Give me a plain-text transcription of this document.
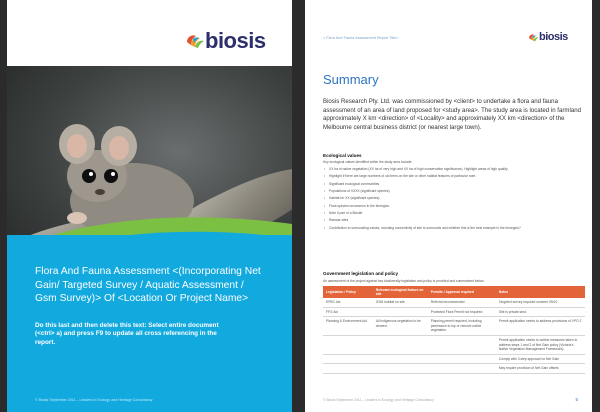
biosis
Flora And Fauna Assessment <(Incorporating Net Gain/ Targeted Survey / Aquatic Assessment / Gsm Survey)> Of <Location Or Project Name>
Do this last and then delete this text: Select entire document (<ctrl> a) and press F9 to update all cross referencing in the report.
© Biosis September 2011 – Leaders in Ecology and Heritage Consultancy
< Flora And Fauna Assessment Report Title>	biosis
Summary
Biosis Research Pty. Ltd. was commissioned by <client> to undertake a flora and fauna assessment of an area of land proposed for <study area>. The study area is located in farmland approximately X km <direction> of <Locality> and approximately XX km <direction> of the Melbourne central business district (or nearest large town).
Ecological values
Key ecological values identified within the study area include:
• XX ha of native vegetation (XX ha of very high and XX ha of high conservation significance). Highlight areas of high quality.
• Highlight if there are large numbers of old trees on the site or other habitat features of particular note.
• Significant ecological communities
• Populations of XXXX (significant species).
• Habitat for XX (significant species).
• Flora species uncommon in the bioregion
• Note if part of a Biosite
• Ramsar sites
• Contribution to surrounding values, including connectivity of site to surrounds and whether this is the best example in the bioregion?
Government legislation and policy
An assessment of the project against key biodiversity legislation and policy is provided and summarised below.
Legislation / Policy	Relevant ecological feature on site	Permits / Approval required	Notes
EPBC Act	GSM habitat on site	Referral recommended	Targeted survey required summer 09/10
FFG Act		Protected Flora Permit not required	Site is private land.
Planning & Environment Act	All Indigenous vegetation to be cleared.	Planning permit required, including permission to lop or remove native vegetation.	Permit application needs to address provisions of VPO 2
			Permit application needs to outline measures taken to address steps 1 and 2 of Net Gain policy (Victoria's Native Vegetation Management Framework).
			Comply with 3 step approach to Net Gain
			May require provision of Net Gain offsets
© Biosis September 2011 – Leaders in Ecology and Heritage Consultancy	5
